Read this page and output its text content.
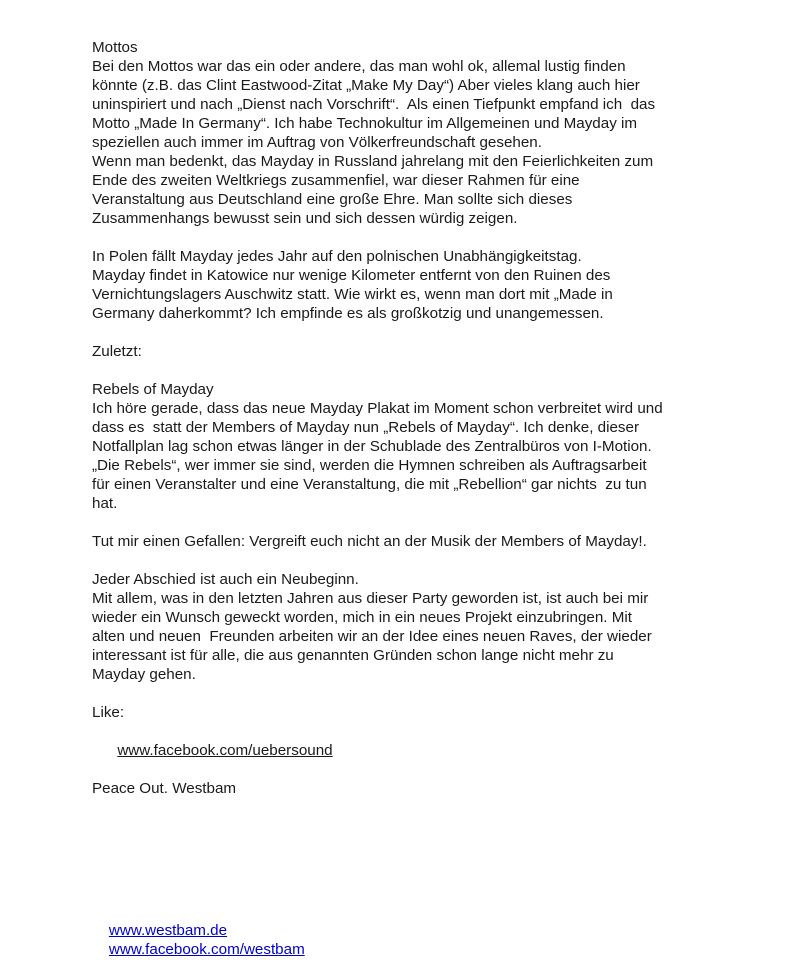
Mottos
Bei den Mottos war das ein oder andere, das man wohl ok, allemal lustig finden
könnte (z.B. das Clint Eastwood-Zitat „Make My Day“) Aber vieles klang auch hier
uninspiriert und nach „Dienst nach Vorschrift“.  Als einen Tiefpunkt empfand ich  das
Motto „Made In Germany“. Ich habe Technokultur im Allgemeinen und Mayday im
speziellen auch immer im Auftrag von Völkerfreundschaft gesehen.
Wenn man bedenkt, das Mayday in Russland jahrelang mit den Feierlichkeiten zum
Ende des zweiten Weltkriegs zusammenfiel, war dieser Rahmen für eine
Veranstaltung aus Deutschland eine große Ehre. Man sollte sich dieses
Zusammenhangs bewusst sein und sich dessen würdig zeigen.
In Polen fällt Mayday jedes Jahr auf den polnischen Unabhängigkeitstag.
Mayday findet in Katowice nur wenige Kilometer entfernt von den Ruinen des
Vernichtungslagers Auschwitz statt. Wie wirkt es, wenn man dort mit „Made in
Germany daherkommt? Ich empfinde es als großkotzig und unangemessen.
Zuletzt:
Rebels of Mayday
Ich höre gerade, dass das neue Mayday Plakat im Moment schon verbreitet wird und
dass es  statt der Members of Mayday nun „Rebels of Mayday“. Ich denke, dieser
Notfallplan lag schon etwas länger in der Schublade des Zentralbüros von I-Motion.
„Die Rebels“, wer immer sie sind, werden die Hymnen schreiben als Auftragsarbeit
für einen Veranstalter und eine Veranstaltung, die mit „Rebellion“ gar nichts  zu tun
hat.
Tut mir einen Gefallen: Vergreift euch nicht an der Musik der Members of Mayday!.
Jeder Abschied ist auch ein Neubeginn.
Mit allem, was in den letzten Jahren aus dieser Party geworden ist, ist auch bei mir
wieder ein Wunsch geweckt worden, mich in ein neues Projekt einzubringen. Mit
alten und neuen  Freunden arbeiten wir an der Idee eines neuen Raves, der wieder
interessant ist für alle, die aus genannten Gründen schon lange nicht mehr zu
Mayday gehen.
Like:

www.facebook.com/uebersound

Peace Out. Westbam

www.westbam.de

www.facebook.com/westbam
